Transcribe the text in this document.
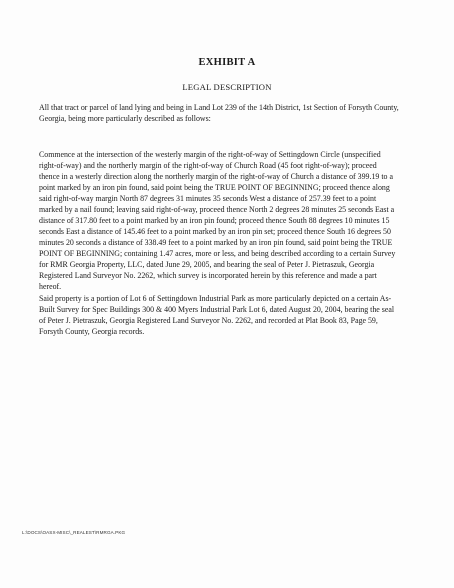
EXHIBIT A
LEGAL DESCRIPTION

All that tract or parcel of land lying and being in Land Lot 239 of the 14th District, 1st Section of Forsyth County, Georgia, being more particularly described as follows:

Commence at the intersection of the westerly margin of the right-of-way of Settingdown Circle (unspecified right-of-way) and the northerly margin of the right-of-way of Church Road (45 foot right-of-way); proceed thence in a westerly direction along the northerly margin of the right-of-way of Church a distance of 399.19 to a point marked by an iron pin found, said point being the TRUE POINT OF BEGINNING; proceed thence along said right-of-way margin North 87 degrees 31 minutes 35 seconds West a distance of 257.39 feet to a point marked by a nail found; leaving said right-of-way, proceed thence North 2 degrees 28 minutes 25 seconds East a distance of 317.80 feet to a point marked by an iron pin found; proceed thence South 88 degrees 10 minutes 15 seconds East a distance of 145.46 feet to a point marked by an iron pin set; proceed thence South 16 degrees 50 minutes 20 seconds a distance of 338.49 feet to a point marked by an iron pin found, said point being the TRUE POINT OF BEGINNING; containing 1.47 acres, more or less, and being described according to a certain Survey for RMR Georgia Property, LLC, dated June 29, 2005, and bearing the seal of Peter J. Pietraszuk, Georgia Registered Land Surveyor No. 2262, which survey is incorporated herein by this reference and made a part hereof.

Said property is a portion of Lot 6 of Settingdown Industrial Park as more particularly depicted on a certain As-Built Survey for Spec Buildings 300 & 400 Myers Industrial Park Lot 6, dated August 20, 2004, bearing the seal of Peter J. Pietraszuk, Georgia Registered Land Surveyor No. 2262, and recorded at Plat Book 83, Page 59, Forsyth County, Georgia records.

L:\DOCS\OASX-MISC\_REALEST\RMRGA.PKG
